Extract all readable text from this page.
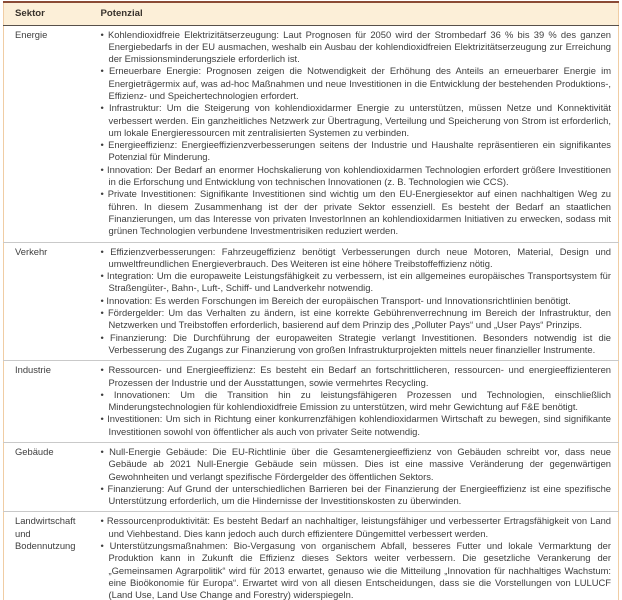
Sektor	Potenzial
Energie	
•Kohlendioxidfreie Elektrizitätserzeugung: Laut Prognosen für 2050 wird der Strombedarf 36 % bis 39 % des ganzen Energiebedarfs in der EU ausmachen, weshalb ein Ausbau der kohlendioxidfreien Elektrizitätserzeugung zur Erreichung der Emissionsminderungsziele erforderlich ist.
• Erneuerbare Energie: Prognosen zeigen die Notwendigkeit der Erhöhung des Anteils an erneuerbarer Energie im Energieträgermix auf, was ad-hoc Maßnahmen und neue Investitionen in die Entwicklung der bestehenden Produktions-, Effizienz- und Speichertechnologien erfordert.
• Infrastruktur: Um die Steigerung von kohlendioxidarmer Energie zu unterstützen, müssen Netze und Konnektivität verbessert werden. Ein ganzheitliches Netzwerk zur Übertragung, Verteilung und Speicherung von Strom ist erforderlich, um lokale Energieressourcen mit zentralisierten Systemen zu verbinden.
• Energieeffizienz: Energieeffizienzverbesserungen seitens der Industrie und Haushalte repräsentieren ein signifikantes Potenzial für Minderung.
• Innovation: Der Bedarf an enormer Hochskalierung von kohlendioxidarmen Technologien erfordert größere Investitionen in die Erforschung und Entwicklung von technischen Innovationen (z. B. Technologien wie CCS).
• Private Investitionen: Signifikante Investitionen sind wichtig um den EU-Energiesektor auf einen nachhaltigen Weg zu führen. In diesem Zusammenhang ist der der private Sektor essenziell. Es besteht der Bedarf an staatlichen Finanzierungen, um das Interesse von privaten InvestorInnen an kohlendioxidarmen Initiativen zu erwecken, sodass mit grünen Technologien verbundene Investmentrisiken reduziert werden.

Verkehr	
•Effizienzverbesserungen: Fahrzeugeffizienz benötigt Verbesserungen durch neue Motoren, Material, Design und umweltfreundlichen Energieverbrauch. Des Weiteren ist eine höhere Treibstoffeffizienz nötig.
• Integration: Um die europaweite Leistungsfähigkeit zu verbessern, ist ein allgemeines europäisches Transportsystem für Straßengüter-, Bahn-, Luft-, Schiff- und Landverkehr notwendig.
• Innovation: Es werden Forschungen im Bereich der europäischen Transport- und Innovationsrichtlinien benötigt.
• Fördergelder: Um das Verhalten zu ändern, ist eine korrekte Gebührenverrechnung im Bereich der Infrastruktur, den Netzwerken und Treibstoffen erforderlich, basierend auf dem Prinzip des „Polluter Pays“ und „User Pays“ Prinzips.
• Finanzierung: Die Durchführung der europaweiten Strategie verlangt Investitionen. Besonders notwendig ist die Verbesserung des Zugangs zur Finanzierung von großen Infrastrukturprojekten mittels neuer finanzieller Instrumente.

Industrie	
•Ressourcen- und Energieeffizienz: Es besteht ein Bedarf an fortschrittlicheren, ressourcen- und energieeffizienteren Prozessen der Industrie und der Ausstattungen, sowie vermehrtes Recycling.
• Innovationen: Um die Transition hin zu leistungsfähigeren Prozessen und Technologien, einschließlich Minderungstechnologien für kohlendioxidfreie Emission zu unterstützen, wird mehr Gewichtung auf F&E benötigt.
• Investitionen: Um sich in Richtung einer konkurrenzfähigen kohlendioxidarmen Wirtschaft zu bewegen, sind signifikante Investitionen sowohl von öffentlicher als auch von privater Seite notwendig.

Gebäude	
•Null-Energie Gebäude: Die EU-Richtlinie über die Gesamtenergieeffizienz von Gebäuden schreibt vor, dass neue Gebäude ab 2021 Null-Energie Gebäude sein müssen. Dies ist eine massive Veränderung der gegenwärtigen Gewohnheiten und verlangt spezifische Fördergelder des öffentlichen Sektors.
• Finanzierung: Auf Grund der unterschiedlichen Barrieren bei der Finanzierung der Energieeffizienz ist eine spezifische Unterstützung erforderlich, um die Hindernisse der Investitionskosten zu überwinden.

Landwirtschaft und Bodennutzung	
• Ressourcenproduktivität: Es besteht Bedarf an nachhaltiger, leistungsfähiger und verbesserter Ertragsfähigkeit von Land und Viehbestand. Dies kann jedoch auch durch effizientere Düngemittel verbessert werden.
• Unterstützungsmaßnahmen: Bio-Vergasung von organischem Abfall, besseres Futter und lokale Vermarktung der Produktion kann in Zukunft die Effizienz dieses Sektors weiter verbessern. Die gesetzliche Verankerung der „Gemeinsamen Agrarpolitik“ wird für 2013 erwartet, genauso wie die Mitteilung „Innovation für nachhaltiges Wachstum: eine Bioökonomie für Europa“. Erwartet wird von all diesen Entscheidungen, dass sie die Vorstellungen von LULUCF (Land Use, Land Use Change and Forestry) widerspiegeln.
